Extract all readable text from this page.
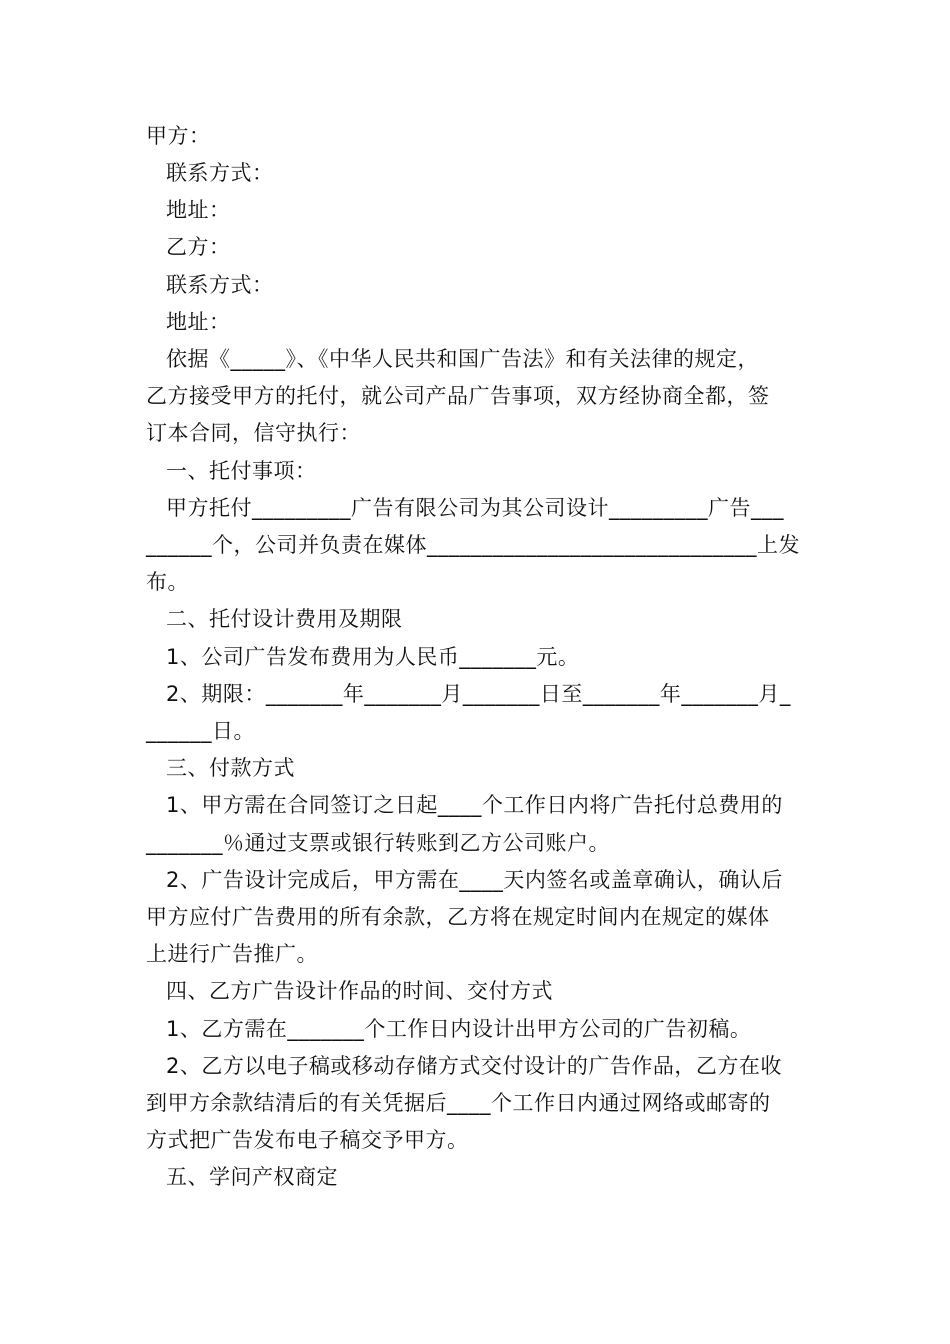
甲方：
联系方式：
地址：
乙方：
联系方式：
地址：
依据《_____》、《中华人民共和国广告法》和有关法律的规定，
乙方接受甲方的托付，就公司产品广告事项，双方经协商全都，签
订本合同，信守执行：
一、托付事项：
甲方托付_________广告有限公司为其公司设计_________广告___
______个，公司并负责在媒体______________________________上发
布。
二、托付设计费用及期限
1、公司广告发布费用为人民币_______元。
2、期限：_______年_______月_______日至_______年_______月_
______日。
三、付款方式
1、甲方需在合同签订之日起____个工作日内将广告托付总费用的
_______％通过支票或银行转账到乙方公司账户。
2、广告设计完成后，甲方需在____天内签名或盖章确认，确认后
甲方应付广告费用的所有余款，乙方将在规定时间内在规定的媒体
上进行广告推广。
四、乙方广告设计作品的时间、交付方式
1、乙方需在_______个工作日内设计出甲方公司的广告初稿。
2、乙方以电子稿或移动存储方式交付设计的广告作品，乙方在收
到甲方余款结清后的有关凭据后____个工作日内通过网络或邮寄的
方式把广告发布电子稿交予甲方。
五、学问产权商定
